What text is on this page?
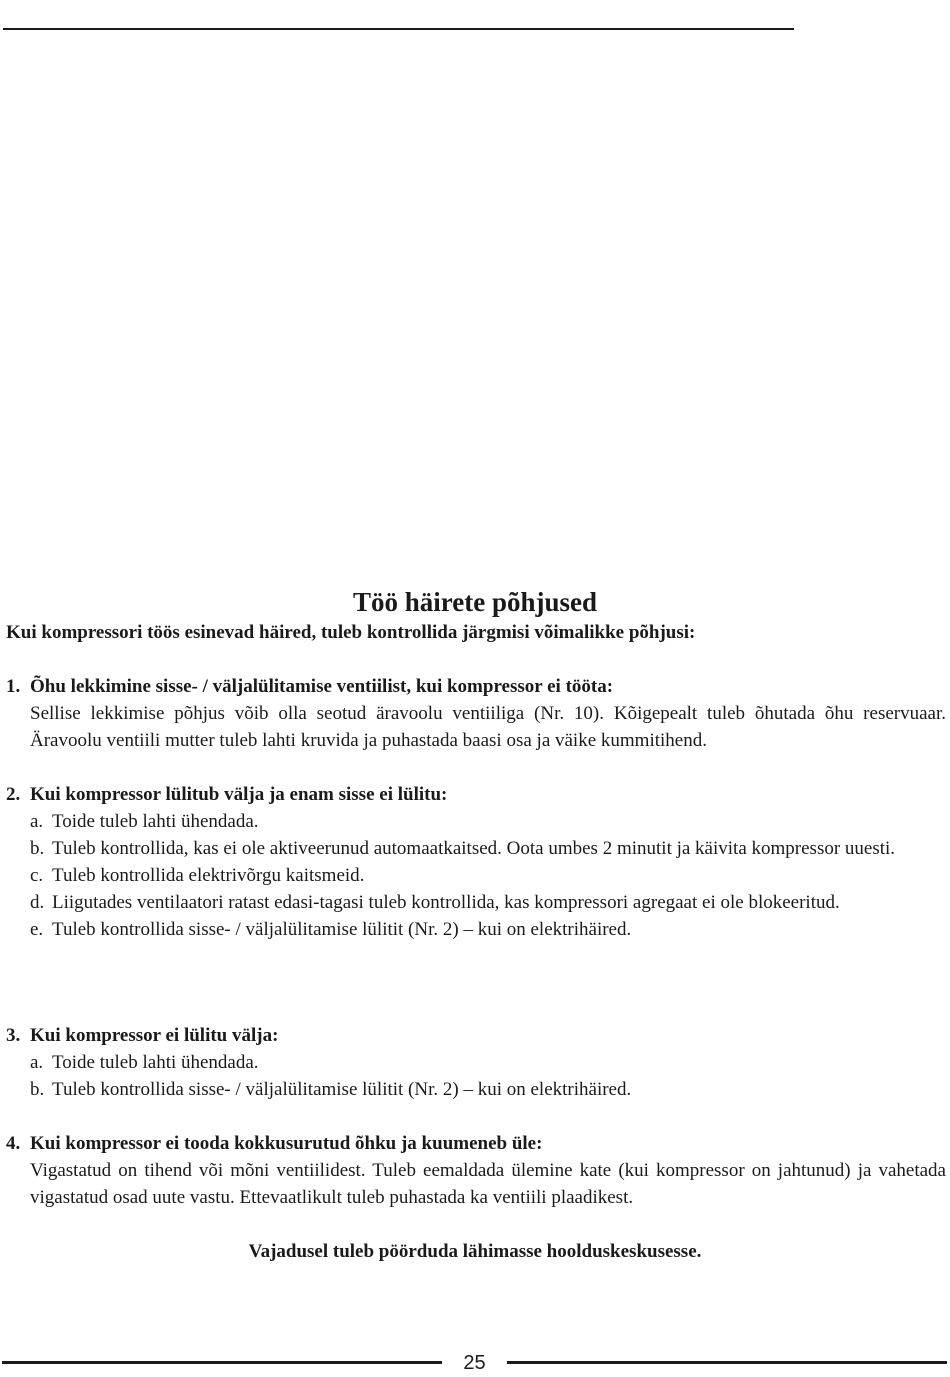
Töö häirete põhjused
Kui kompressori töös esinevad häired, tuleb kontrollida järgmisi võimalikke põhjusi:
1. Õhu lekkimine sisse- / väljalülitamise ventiilist, kui kompressor ei tööta:
Sellise lekkimise põhjus võib olla seotud äravoolu ventiiliga (Nr. 10). Kõigepealt tuleb õhutada õhu reservuaar. Äravoolu ventiili mutter tuleb lahti kruvida ja puhastada baasi osa ja väike kummitihend.
2. Kui kompressor lülitub välja ja enam sisse ei lülitu:
a. Toide tuleb lahti ühendada.
b. Tuleb kontrollida, kas ei ole aktiveerunud automaatkaitsed. Oota umbes 2 minutit ja käivita kompressor uuesti.
c. Tuleb kontrollida elektrivõrgu kaitsmeid.
d. Liigutades ventilaatori ratast edasi-tagasi tuleb kontrollida, kas kompressori agregaat ei ole blokeeritud.
e. Tuleb kontrollida sisse- / väljalülitamise lülitit (Nr. 2) – kui on elektrihäired.
3. Kui kompressor ei lülitu välja:
a. Toide tuleb lahti ühendada.
b. Tuleb kontrollida sisse- / väljalülitamise lülitit (Nr. 2) – kui on elektrihäired.
4. Kui kompressor ei tooda kokkusurutud õhku ja kuumeneb üle:
Vigastatud on tihend või mõni ventiilidest. Tuleb eemaldada ülemine kate (kui kompressor on jahtunud) ja vahetada vigastatud osad uute vastu. Ettevaatlikult tuleb puhastada ka ventiili plaadikest.
Vajadusel tuleb pöörduda lähimasse hoolduskeskusesse.
25
